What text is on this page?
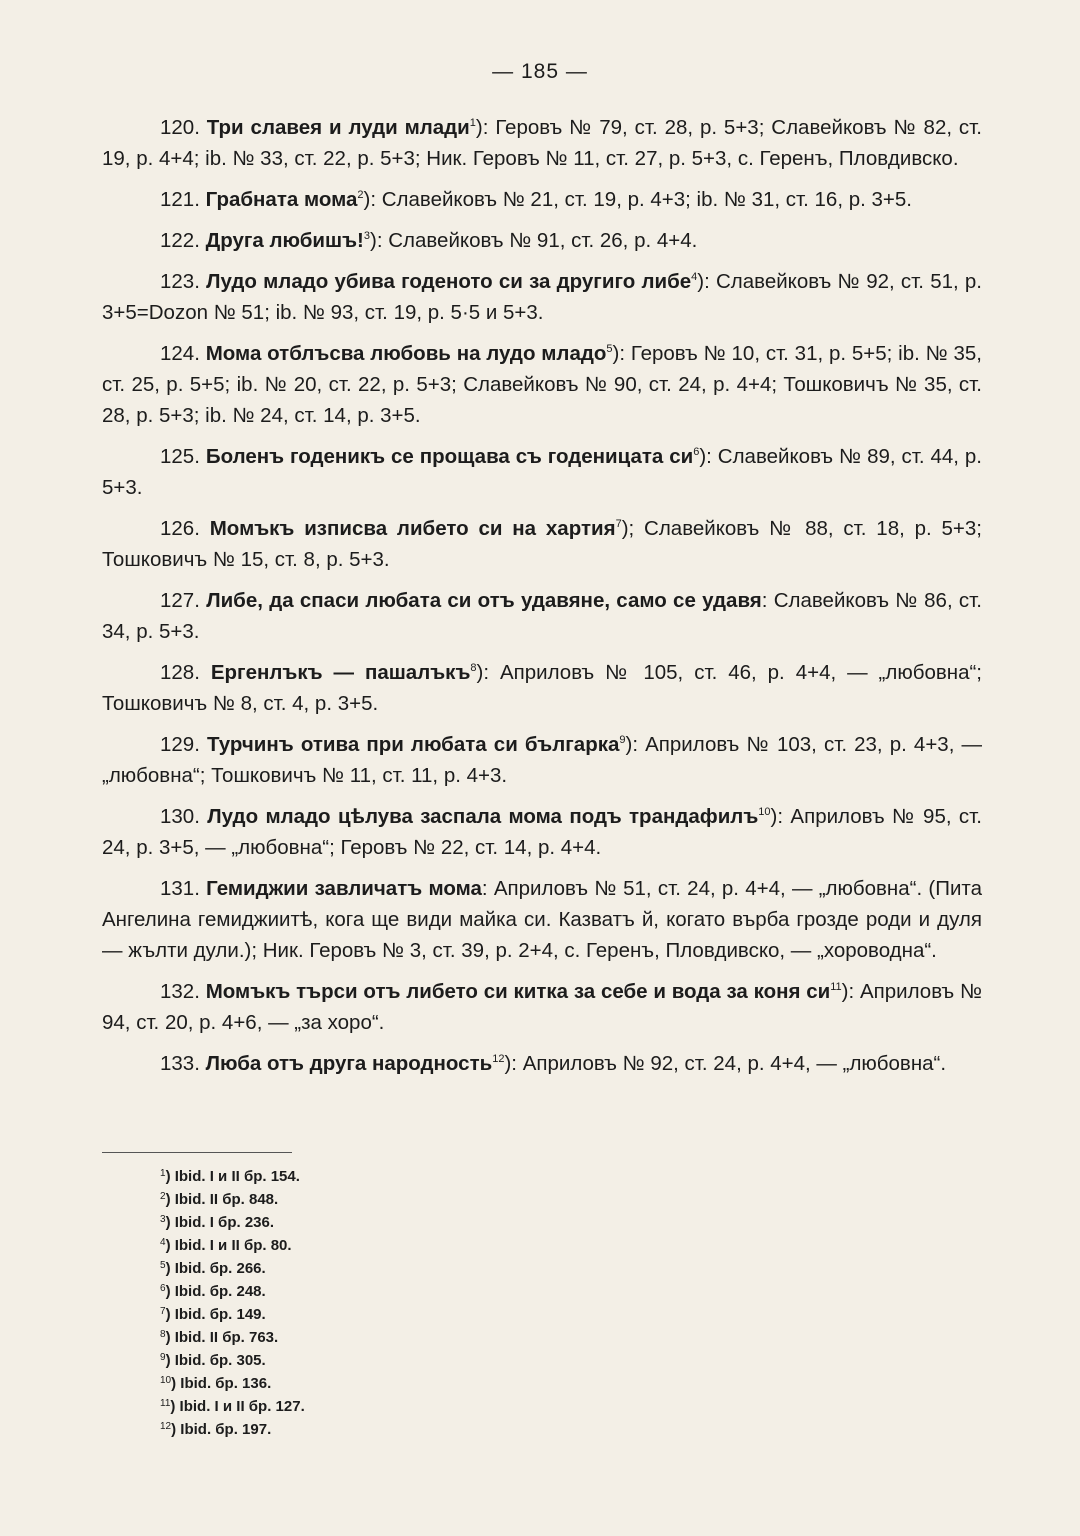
— 185 —

120. Три славея и луди млади$^1$): Геровъ № 79, ст. 28, р. 5+3; Славейковъ № 82, ст. 19, р. 4+4; ib. № 33, ст. 22, р. 5+3; Ник. Геровъ № 11, ст. 27, р. 5+3, с. Геренъ, Пловдивско.

121. Грабната мома$^2$): Славейковъ № 21, ст. 19, р. 4+3; ib. № 31, ст. 16, р. 3+5.

122. Друга любишъ!$^3$): Славейковъ № 91, ст. 26, р. 4+4.

123. Лудо младо убива годеното си за другиго либе$^4$): Славейковъ № 92, ст. 51, р. 3+5=Dozon № 51; ib. № 93, ст. 19, р. 5·5 и 5+3.

124. Мома отблъсва любовь на лудо младо$^5$): Геровъ № 10, ст. 31, р. 5+5; ib. № 35, ст. 25, р. 5+5; ib. № 20, ст. 22, р. 5+3; Славейковъ № 90, ст. 24, р. 4+4; Тошковичъ № 35, ст. 28, р. 5+3; ib. № 24, ст. 14, р. 3+5.

125. Боленъ годеникъ се прощава съ годеницата $си^6$): Славейковъ № 89, ст. 44, р. 5+3.

126. Момъкъ изписва либето си на хартия$^7$); Славейковъ № 88, ст. 18, р. 5+3; Тошковичъ № 15, ст. 8, р. 5+3.

127. Либе, да спаси любата си отъ удавяне, само се удавя: Славейковъ № 86, ст. 34, р. 5+3.

128. Ергенлъкъ — пашалъкъ$^8$): Априловъ № 105, ст. 46, р. 4+4, — „любовна“; Тошковичъ № 8, ст. 4, р. 3+5.

129. Турчинъ отива при любата си българка$^9$): Априловъ № 103, ст. 23, р. 4+3, — „любовна“; Тошковичъ № 11, ст. 11, р. 4+3.

130. Лудо младо цѣлува заспала мома подъ трандафилъ$^{10}$): Априловъ № 95, ст. 24, р. 3+5, — „любовна“; Геровъ № 22, ст. 14, р. 4+4.

131. Гемиджии завличатъ мома: Априловъ № 51, ст. 24, р. 4+4, — „любовна“. (Пита Ангелина гемиджиитѣ, кога ще види майка си. Казватъ й, когато върба грозде роди и дуля — жълти дули.); Ник. Геровъ № 3, ст. 39, р. 2+4, с. Геренъ, Пловдивско, — „хороводна“.

132. Момъкъ търси отъ либето си китка за себе и вода за коня $си^{11}$): Априловъ № 94, ст. 20, р. 4+6, — „за хоро“.

133. Люба отъ друга народность$^{12}$): Априловъ № 92, ст. 24, р. 4+4, — „любовна“.

$^1$) Ibid. I и II бр. 154.
$^2$) Ibid. II бр. 848.
$^3$) Ibid. I бр. 236.
$^4$) Ibid. I и II бр. 80.
$^5$) Ibid. бр. 266.
$^6$) Ibid. бр. 248.
$^7$) Ibid. бр. 149.
$^8$) Ibid. II бр. 763.
$^9$) Ibid. бр. 305.
$^{10}$) Ibid. бр. 136.
$^{11}$) Ibid. I и II бр. 127.
$^{12}$) Ibid. бр. 197.
